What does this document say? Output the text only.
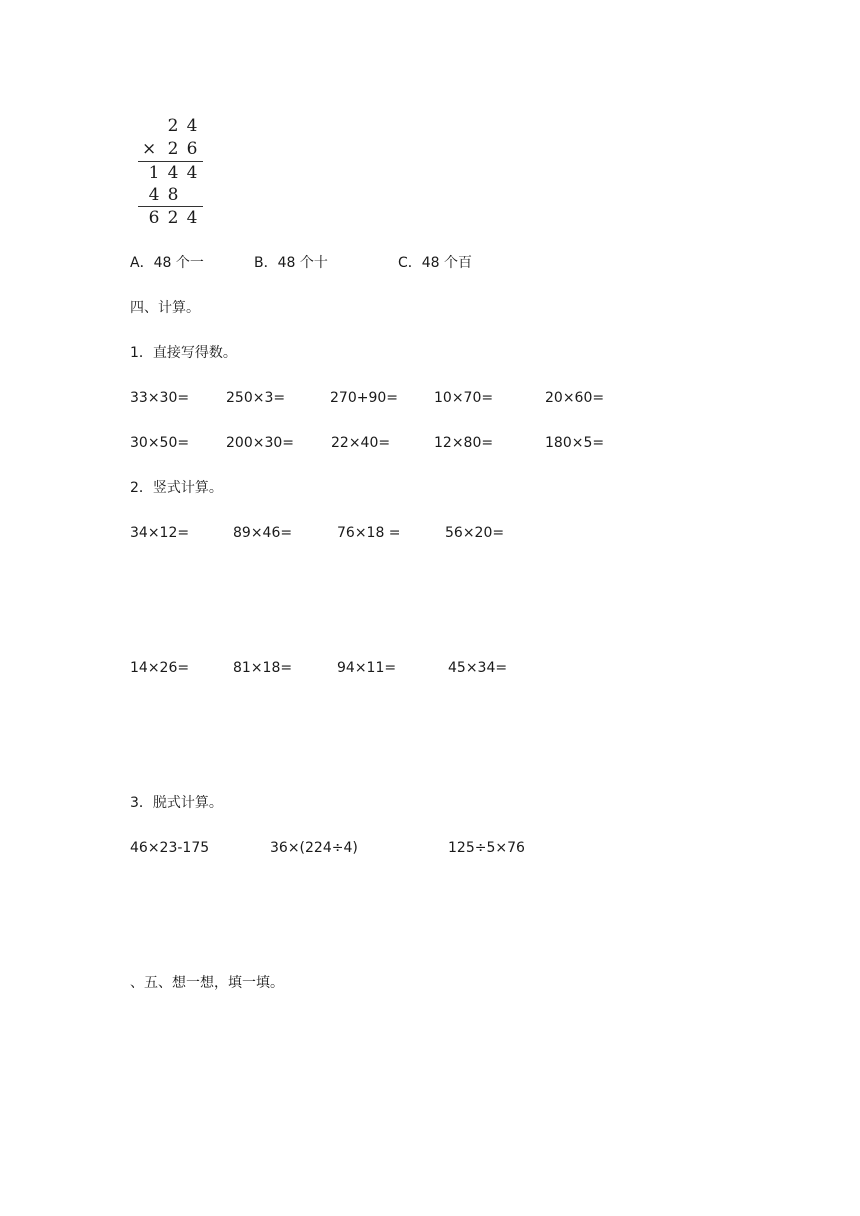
2 4
× 2 6
1 4 4
4 8
6 2 4
A．48 个一	B．48 个十	C．48 个百
四、计算。
1．直接写得数。
33×30=	250×3=	270+90=	10×70=	20×60=
30×50=	200×30=	22×40=	12×80=	180×5=
2．竖式计算。
34×12=	89×46=	76×18 =	56×20=
14×26=	81×18=	94×11=	45×34=
3．脱式计算。
46×23-175	36×(224÷4)	125÷5×76
、五、想一想，填一填。
